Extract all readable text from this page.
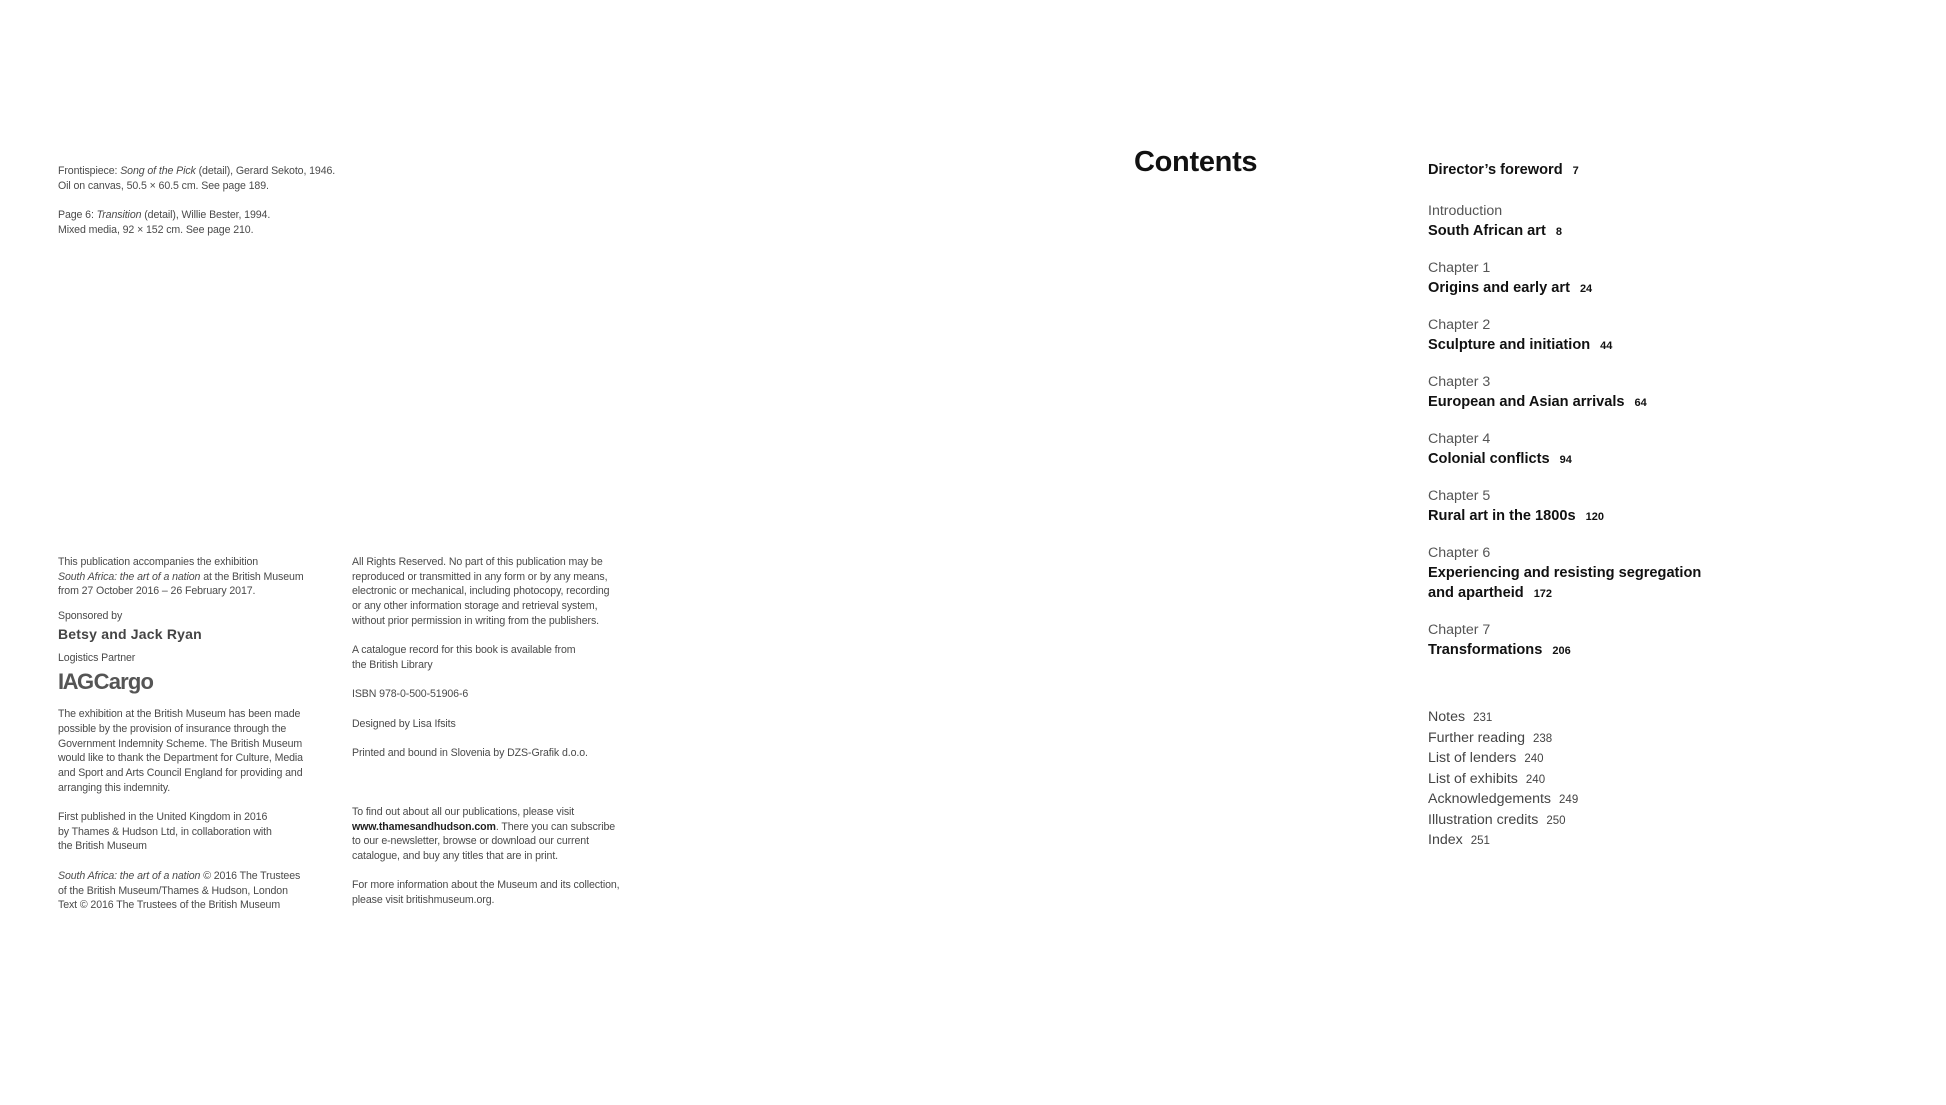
Frontispiece: Song of the Pick (detail), Gerard Sekoto, 1946.

Oil on canvas, 50.5 × 60.5 cm. See page 189.

Page 6: Transition (detail), Willie Bester, 1994.

Mixed media, 92 × 152 cm. See page 210.

This publication accompanies the exhibition

South Africa: the art of a nation at the British Museum

from 27 October 2016 – 26 February 2017.

Sponsored by
Betsy and Jack Ryan
Logistics Partner
IAG Cargo

The exhibition at the British Museum has been made

possible by the provision of insurance through the

Government Indemnity Scheme. The British Museum

would like to thank the Department for Culture, Media

and Sport and Arts Council England for providing and

arranging this indemnity.

First published in the United Kingdom in 2016

by Thames & Hudson Ltd, in collaboration with

the British Museum

South Africa: the art of a nation © 2016 The Trustees

of the British Museum/Thames & Hudson, London

Text © 2016 The Trustees of the British Museum

All Rights Reserved. No part of this publication may be

reproduced or transmitted in any form or by any means,

electronic or mechanical, including photocopy, recording

or any other information storage and retrieval system,

without prior permission in writing from the publishers.

A catalogue record for this book is available from

the British Library

ISBN 978-0-500-51906-6

Designed by Lisa Ifsits

Printed and bound in Slovenia by DZS-Grafik d.o.o.

To find out about all our publications, please visit

www.thamesandhudson.com. There you can subscribe

to our e-newsletter, browse or download our current

catalogue, and buy any titles that are in print.

For more information about the Museum and its collection,

please visit britishmuseum.org.

Contents	Director’s foreword 7
Introduction
South African art 8
Chapter 1
Origins and early art 24
Chapter 2
Sculpture and initiation 44
Chapter 3
European and Asian arrivals 64
Chapter 4
Colonial conflicts 94
Chapter 5
Rural art in the 1800s 120
Chapter 6
Experiencing and resisting segregation
and apartheid 172
Chapter 7
Transformations 206
Notes 231
Further reading 238
List of lenders 240
List of exhibits 240
Acknowledgements 249
Illustration credits 250
Index 251
